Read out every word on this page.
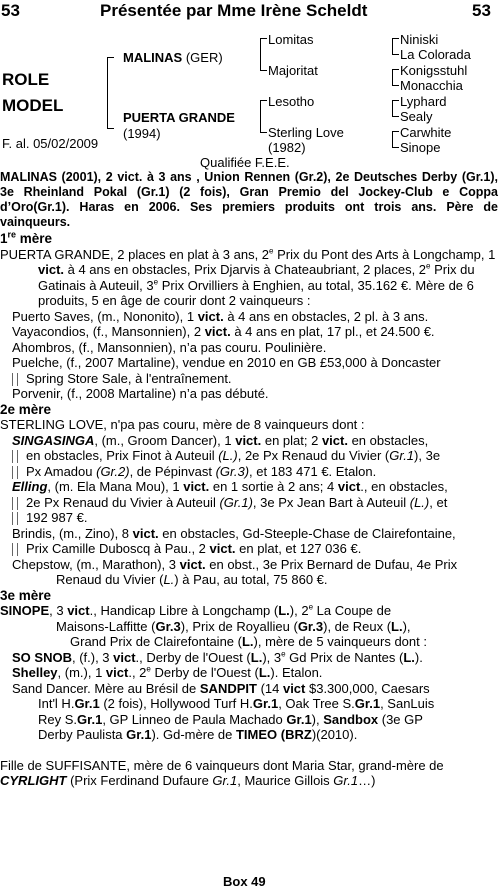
53	Présentée par Mme Irène Scheldt	53
ROLE
MODEL
F. al. 05/02/2009
MALINAS (GER)
PUERTA GRANDE
(1994)
Lomitas
Majoritat
Lesotho
Sterling Love
(1982)
Niniski
La Colorada
Konigsstuhl
Monacchia
Lyphard
Sealy
Carwhite
Sinope
Qualifiée F.E.E.

MALINAS (2001), 2 vict. à 3 ans , Union Rennen (Gr.2), 2e Deutsches Derby (Gr.1), 3e Rheinland Pokal (Gr.1) (2 fois), Gran Premio del Jockey-Club e Coppa d’Oro(Gr.1). Haras en 2006. Ses premiers produits ont trois ans. Père de vainqueurs.

1re mère

PUERTA GRANDE, 2 places en plat à 3 ans, 2e Prix du Pont des Arts à Longchamp, 1 vict. à 4 ans en obstacles, Prix Djarvis à Chateaubriant, 2 places, 2e Prix du Gatinais à Auteuil, 3e Prix Orvilliers à Enghien, au total, 35.162 €. Mère de 6 produits, 5 en âge de courir dont 2 vainqueurs :

Puerto Saves, (m., Nononito), 1 vict. à 4 ans en obstacles, 2 pl. à 3 ans.
Vayacondios, (f., Mansonnien), 2 vict. à 4 ans en plat, 17 pl., et 24.500 €.
Ahombros, (f., Mansonnien), n’a pas couru. Poulinière.
Puelche, (f., 2007 Martaline), vendue en 2010 en GB £53,000 à Doncaster
Spring Store Sale, à l'entraînement.
Porvenir, (f., 2008 Martaline) n’a pas débuté.
2e mère
STERLING LOVE, n'pa pas couru, mère de 8 vainqueurs dont :
SINGASINGA, (m., Groom Dancer), 1 vict. en plat; 2 vict. en obstacles,
en obstacles, Prix Finot à Auteuil (L.), 2e Px Renaud du Vivier (Gr.1), 3e
Px Amadou (Gr.2), de Pépinvast (Gr.3), et 183 471 €. Etalon.
Elling, (m. Ela Mana Mou), 1 vict. en 1 sortie à 2 ans; 4 vict., en obstacles,
2e Px Renaud du Vivier à Auteuil (Gr.1), 3e Px Jean Bart à Auteuil (L.), et
192 987 €.
Brindis, (m., Zino), 8 vict. en obstacles, Gd-Steeple-Chase de Clairefontaine,
Prix Camille Duboscq à Pau., 2 vict. en plat, et 127 036 €.
Chepstow, (m., Marathon), 3 vict. en obst., 3e Prix Bernard de Dufau, 4e Prix
Renaud du Vivier (L.) à Pau, au total, 75 860 €.
3e mère
SINOPE, 3 vict., Handicap Libre à Longchamp (L.), 2e La Coupe de
Maisons-Laffitte (Gr.3), Prix de Royallieu (Gr.3), de Reux (L.),
Grand Prix de Clairefontaine (L.), mère de 5 vainqueurs dont :
SO SNOB, (f.), 3 vict., Derby de l'Ouest (L.), 3e Gd Prix de Nantes (L.).
Shelley, (m.), 1 vict., 2e Derby de l'Ouest (L.). Etalon.
Sand Dancer. Mère au Brésil de SANDPIT (14 vict $3.300,000, Caesars
Int'l H.Gr.1 (2 fois), Hollywood Turf H.Gr.1, Oak Tree S.Gr.1, SanLuis
Rey S.Gr.1, GP Linneo de Paula Machado Gr.1), Sandbox (3e GP
Derby Paulista Gr.1). Gd-mère de TIMEO (BRZ)(2010).
Fille de SUFFISANTE, mère de 6 vainqueurs dont Maria Star, grand-mère de
CYRLIGHT (Prix Ferdinand Dufaure Gr.1, Maurice Gillois Gr.1…)
Box 49
